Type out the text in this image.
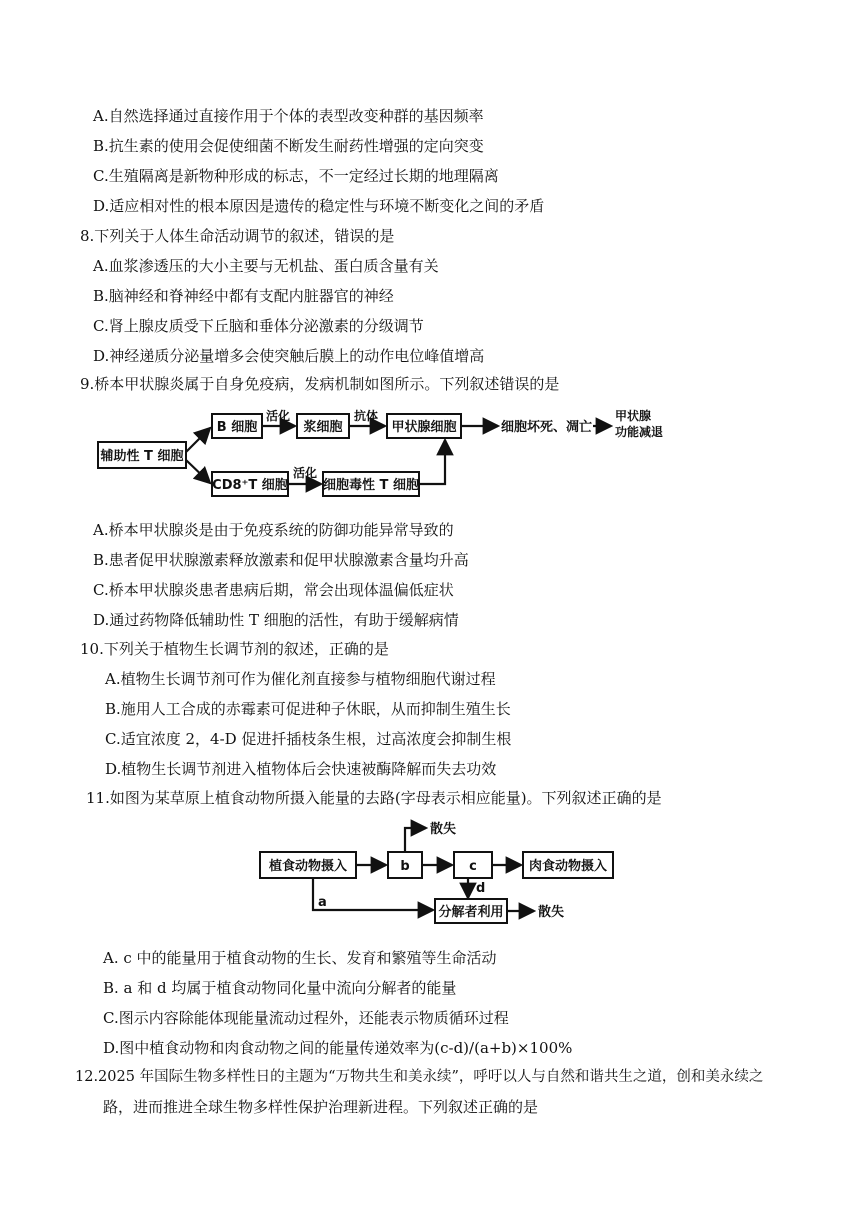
A.自然选择通过直接作用于个体的表型改变种群的基因频率
B.抗生素的使用会促使细菌不断发生耐药性增强的定向突变
C.生殖隔离是新物种形成的标志，不一定经过长期的地理隔离
D.适应相对性的根本原因是遗传的稳定性与环境不断变化之间的矛盾
8.下列关于人体生命活动调节的叙述，错误的是
A.血浆渗透压的大小主要与无机盐、蛋白质含量有关
B.脑神经和脊神经中都有支配内脏器官的神经
C.肾上腺皮质受下丘脑和垂体分泌激素的分级调节
D.神经递质分泌量增多会使突触后膜上的动作电位峰值增高
9.桥本甲状腺炎属于自身免疫病，发病机制如图所示。下列叙述错误的是
辅助性 T 细胞
B 细胞
活化
浆细胞
抗体
甲状腺细胞	细胞坏死、凋亡
甲状腺
功能减退
CD8⁺T 细胞
活化
细胞毒性 T 细胞
A.桥本甲状腺炎是由于免疫系统的防御功能异常导致的
B.患者促甲状腺激素释放激素和促甲状腺激素含量均升高
C.桥本甲状腺炎患者患病后期，常会出现体温偏低症状
D.通过药物降低辅助性 T 细胞的活性，有助于缓解病情
10.下列关于植物生长调节剂的叙述，正确的是
A.植物生长调节剂可作为催化剂直接参与植物细胞代谢过程
B.施用人工合成的赤霉素可促进种子休眠，从而抑制生殖生长
C.适宜浓度 2，4-D 促进扦插枝条生根，过高浓度会抑制生根
D.植物生长调节剂进入植物体后会快速被酶降解而失去功效
11.如图为某草原上植食动物所摄入能量的去路(字母表示相应能量)。下列叙述正确的是
植食动物摄入	b
散失
c	肉食动物摄入
d
a
分解者利用	散失
A. c 中的能量用于植食动物的生长、发育和繁殖等生命活动
B. a 和 d 均属于植食动物同化量中流向分解者的能量
C.图示内容除能体现能量流动过程外，还能表示物质循环过程
D.图中植食动物和肉食动物之间的能量传递效率为(c-d)/(a+b)×100%
12.2025 年国际生物多样性日的主题为“万物共生和美永续”，呼吁以人与自然和谐共生之道，创和美永续之
路，进而推进全球生物多样性保护治理新进程。下列叙述正确的是
